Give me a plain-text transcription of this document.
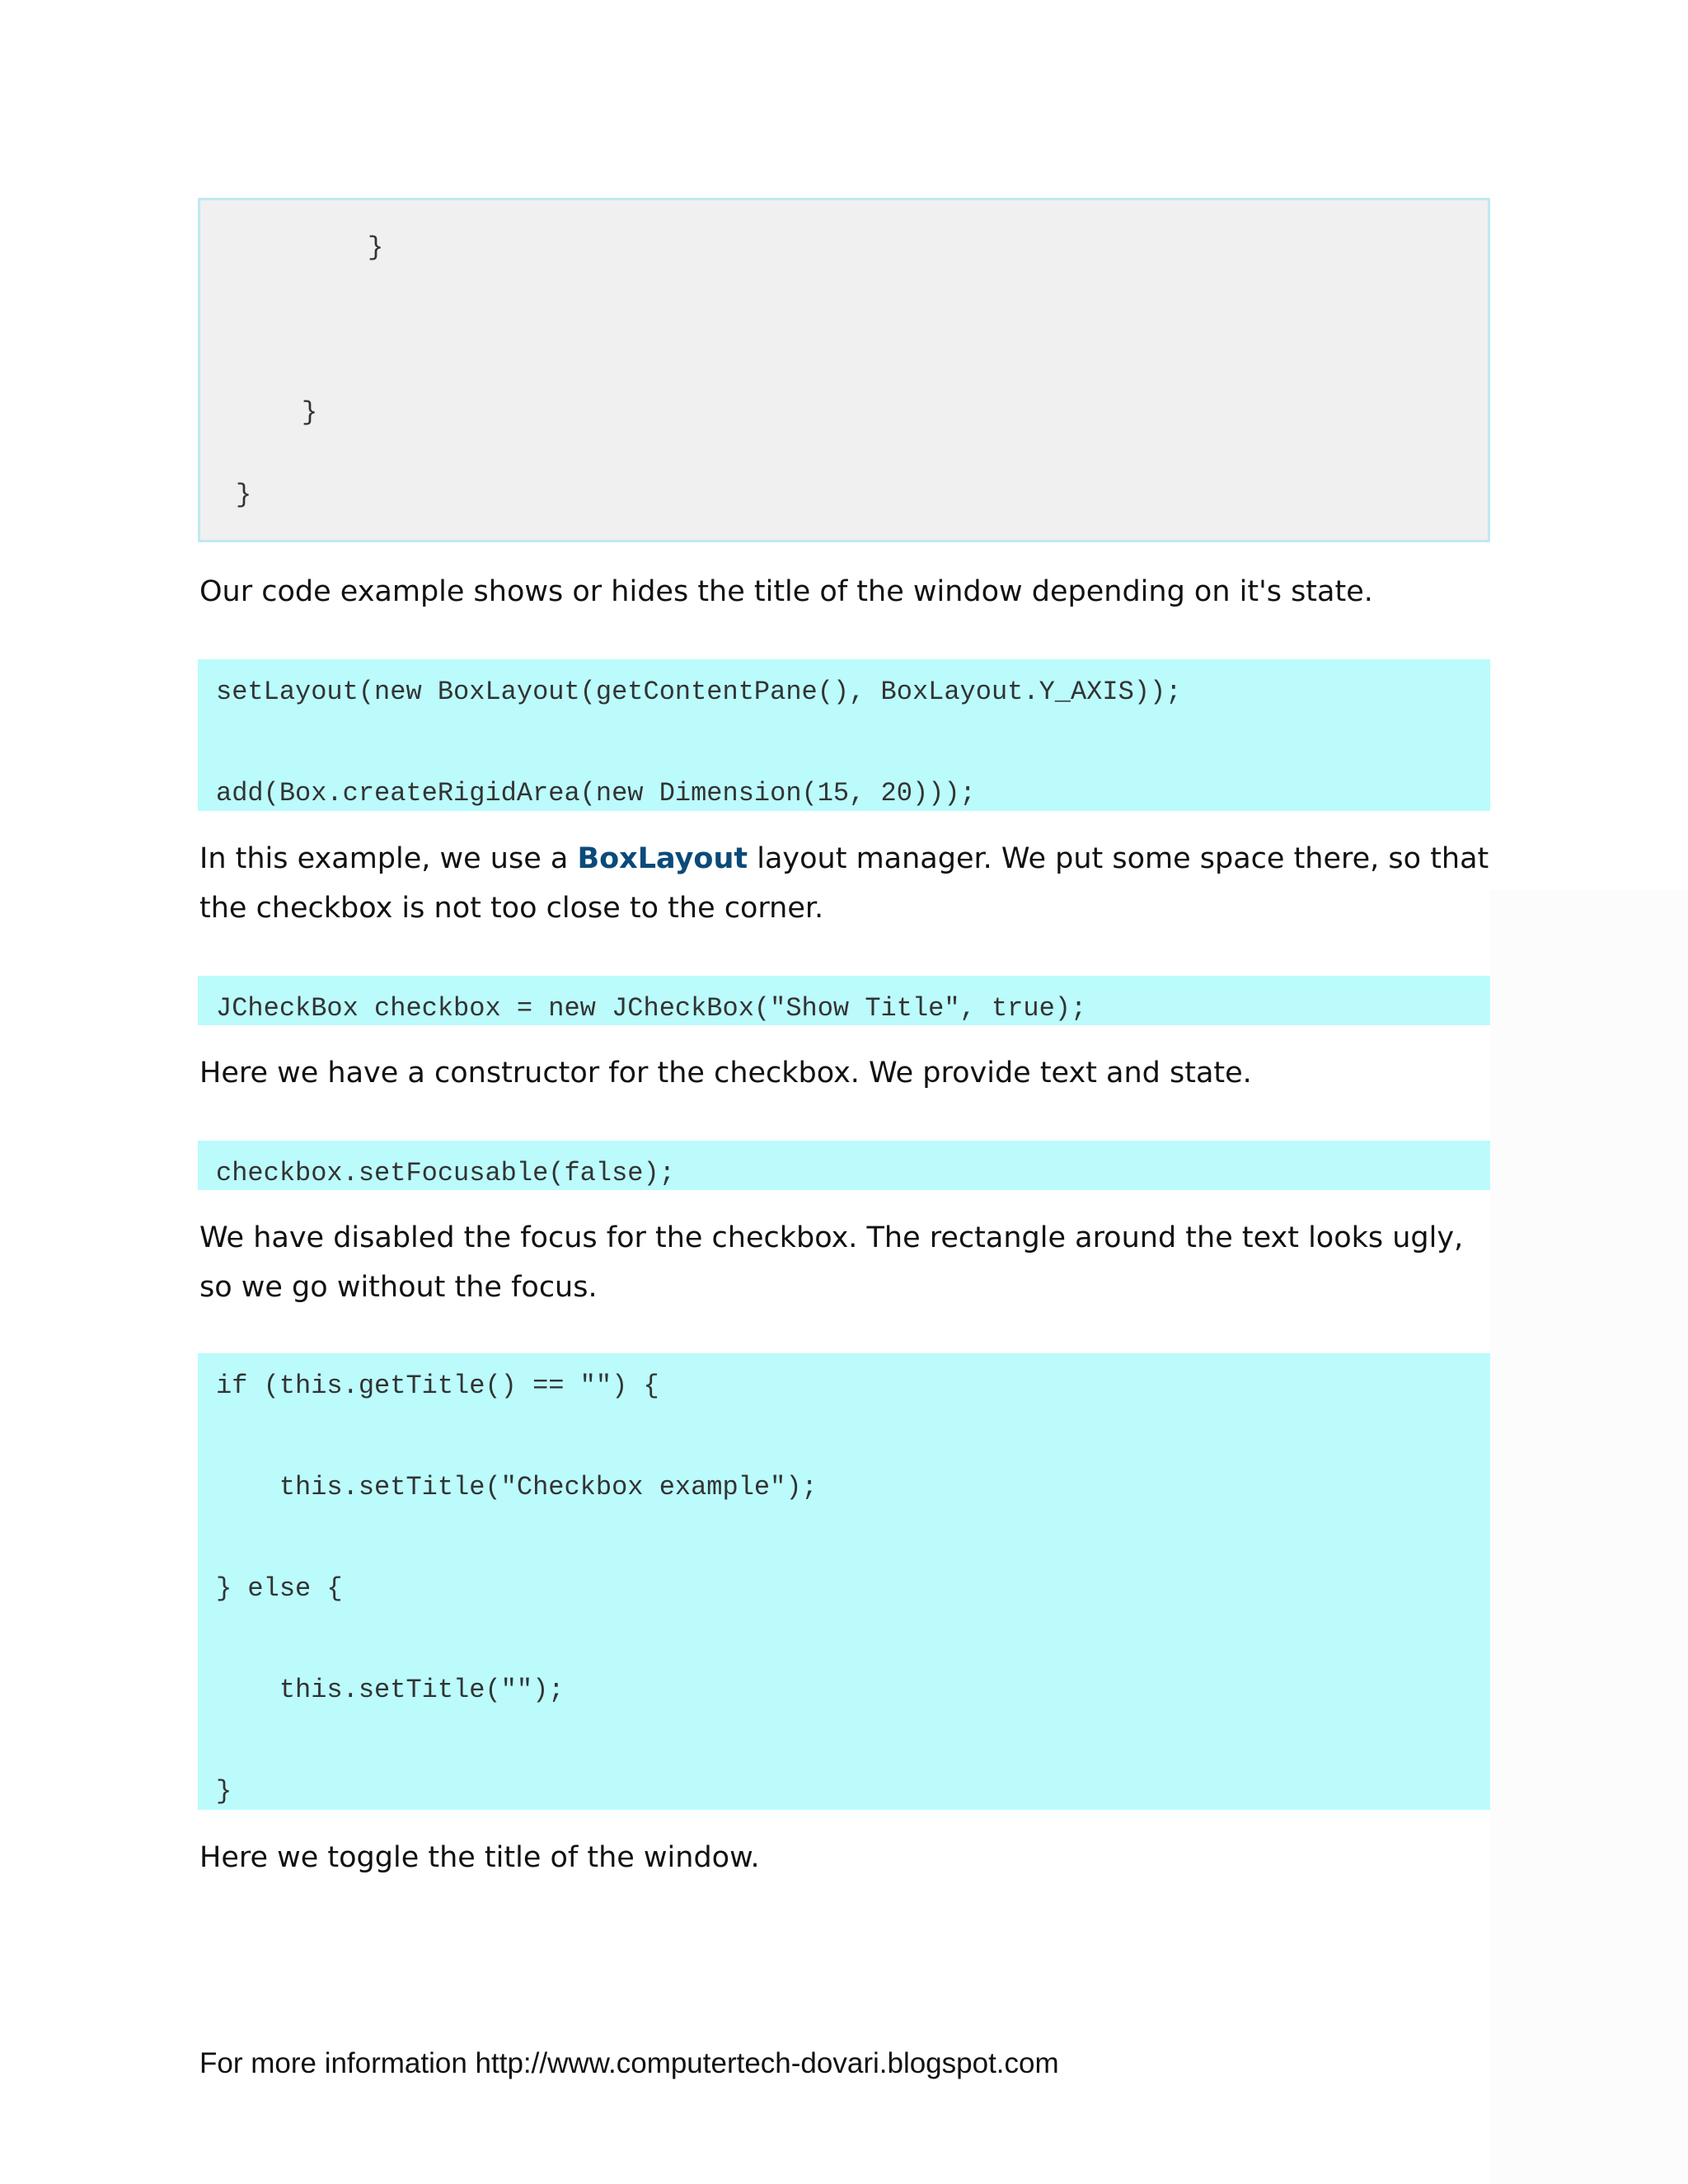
}
}
}
Our code example shows or hides the title of the window depending on it's state.
setLayout(new BoxLayout(getContentPane(), BoxLayout.Y_AXIS));
add(Box.createRigidArea(new Dimension(15, 20)));
In this example, we use a BoxLayout layout manager. We put some space there, so that the checkbox is not too close to the corner.
JCheckBox checkbox = new JCheckBox("Show Title", true);
Here we have a constructor for the checkbox. We provide text and state.
checkbox.setFocusable(false);
We have disabled the focus for the checkbox. The rectangle around the text looks ugly, so we go without the focus.
if (this.getTitle() == "") {
this.setTitle("Checkbox example");
} else {
this.setTitle("");
}
Here we toggle the title of the window.
For more information http://www.computertech-dovari.blogspot.com
